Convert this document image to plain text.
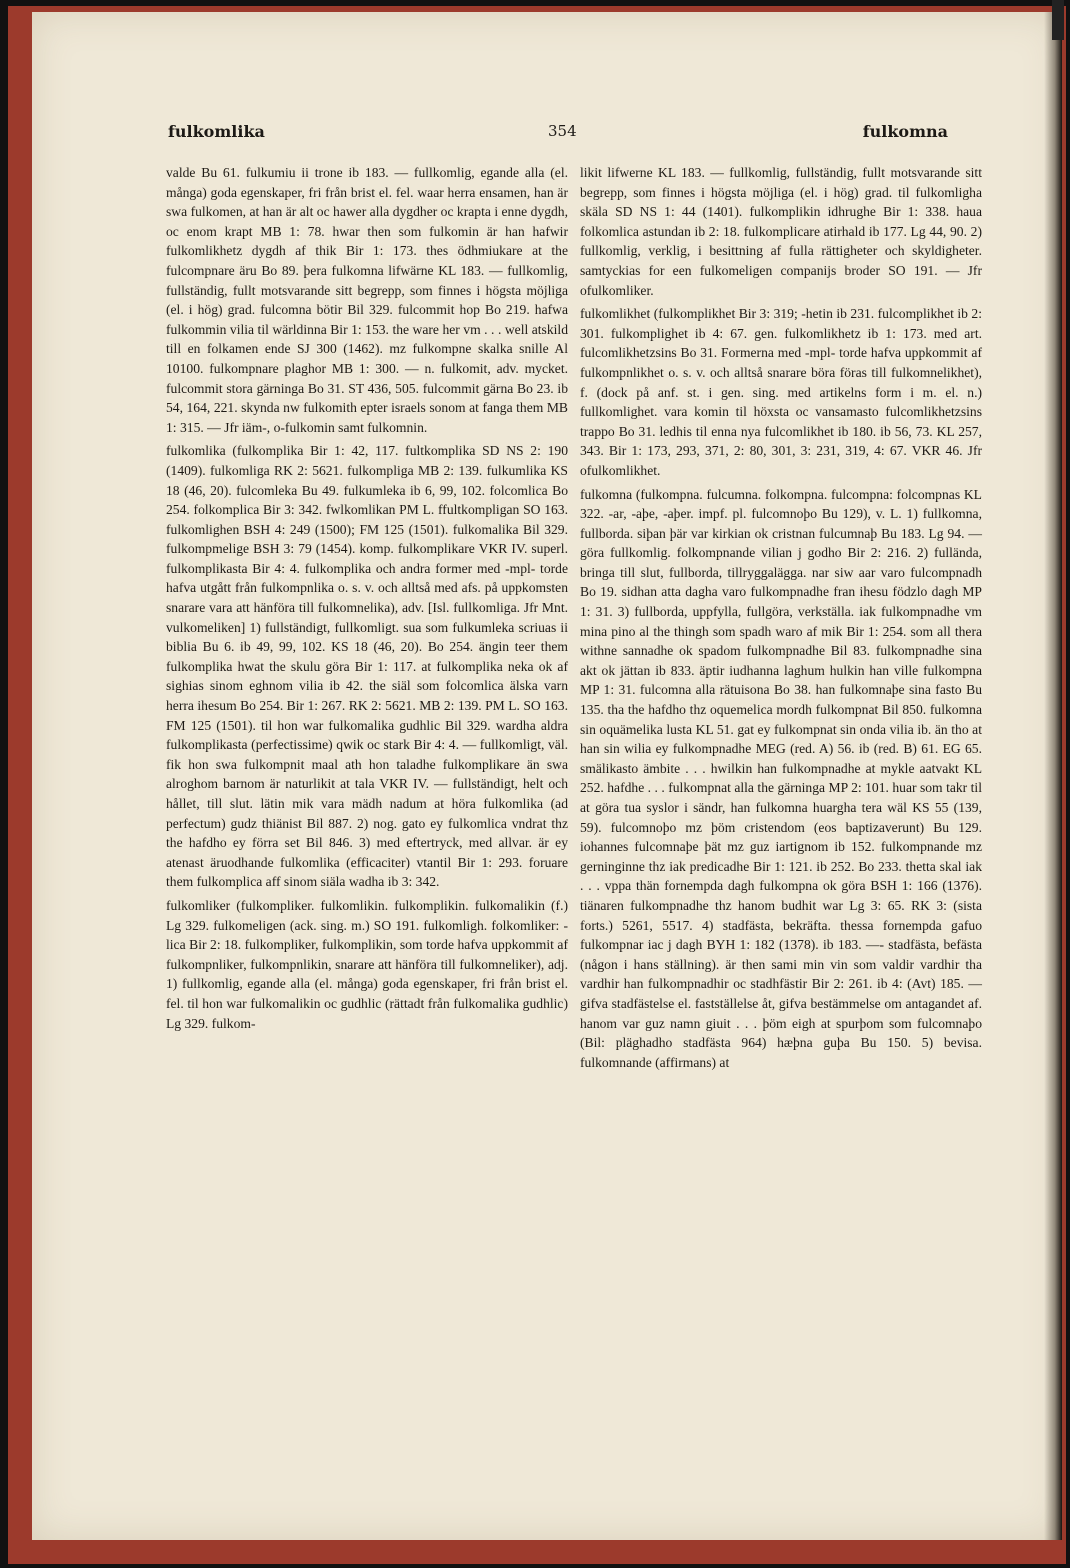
fulkomlika	354	fulkomna

valde Bu 61. fulkumiu ii trone ib 183. — fullkomlig, egande alla (el. många) goda egenskaper, fri från brist el. fel. waar herra ensamen, han är swa fulkomen, at han är alt oc hawer alla dygdher oc krapta i enne dygdh, oc enom krapt MB 1: 78. hwar then som fulkomin är han hafwir fulkomlikhetz dygdh af thik Bir 1: 173. thes ödhmiukare at the fulcompnare äru Bo 89. þera fulkomna lifwärne KL 183. — fullkomlig, fullständig, fullt motsvarande sitt begrepp, som finnes i högsta möjliga (el. i hög) grad. fulcomna bötir Bil 329. fulcommit hop Bo 219. hafwa fulkommin vilia til wärldinna Bir 1: 153. the ware her vm . . . well atskild till en folkamen ende SJ 300 (1462). mz fulkompne skalka snille Al 10100. fulkompnare plaghor MB 1: 300. — n. fulkomit, adv. mycket. fulcommit stora gärninga Bo 31. ST 436, 505. fulcommit gärna Bo 23. ib 54, 164, 221. skynda nw fulkomith epter israels sonom at fanga them MB 1: 315. — Jfr iäm-, o-fulkomin samt fulkomnin.

fulkomlika (fulkomplika Bir 1: 42, 117. fultkomplika SD NS 2: 190 (1409). fulkomliga RK 2: 5621. fulkompliga MB 2: 139. fulkumlika KS 18 (46, 20). fulcomleka Bu 49. fulkumleka ib 6, 99, 102. folcomlica Bo 254. folkomplica Bir 3: 342. fwlkomlikan PM L. ffultkompligan SO 163. fulkomlighen BSH 4: 249 (1500); FM 125 (1501). fulkomalika Bil 329. fulkompmelige BSH 3: 79 (1454). komp. fulkomplikare VKR IV. superl. fulkomplikasta Bir 4: 4. fulkomplika och andra former med -mpl- torde hafva utgått från fulkompnlika o. s. v. och alltså med afs. på uppkomsten snarare vara att hänföra till fulkomnelika), adv. [Isl. fullkomliga. Jfr Mnt. vulkomeliken] 1) fullständigt, fullkomligt. sua som fulkumleka scriuas ii biblia Bu 6. ib 49, 99, 102. KS 18 (46, 20). Bo 254. ängin teer them fulkomplika hwat the skulu göra Bir 1: 117. at fulkomplika neka ok af sighias sinom eghnom vilia ib 42. the siäl som folcomlica älska varn herra ihesum Bo 254. Bir 1: 267. RK 2: 5621. MB 2: 139. PM L. SO 163. FM 125 (1501). til hon war fulkomalika gudhlic Bil 329. wardha aldra fulkomplikasta (perfectissime) qwik oc stark Bir 4: 4. — fullkomligt, väl. fik hon swa fulkompnit maal ath hon taladhe fulkomplikare än swa alroghom barnom är naturlikit at tala VKR IV. — fullständigt, helt och hållet, till slut. lätin mik vara mädh nadum at höra fulkomlika (ad perfectum) gudz thiänist Bil 887. 2) nog. gato ey fulkomlica vndrat thz the hafdho ey förra set Bil 846. 3) med eftertryck, med allvar. är ey atenast äruodhande fulkomlika (efficaciter) vtantil Bir 1: 293. foruare them fulkomplica aff sinom siäla wadha ib 3: 342.

fulkomliker (fulkompliker. fulkomlikin. fulkomplikin. fulkomalikin (f.) Lg 329. fulkomeligen (ack. sing. m.) SO 191. fulkomligh. folkomliker: -lica Bir 2: 18. fulkompliker, fulkomplikin, som torde hafva uppkommit af fulkompnliker, fulkompnlikin, snarare att hänföra till fulkomneliker), adj. 1) fullkomlig, egande alla (el. många) goda egenskaper, fri från brist el. fel. til hon war fulkomalikin oc gudhlic (rättadt från fulkomalika gudhlic) Lg 329. fulkom-

likit lifwerne KL 183. — fullkomlig, fullständig, fullt motsvarande sitt begrepp, som finnes i högsta möjliga (el. i hög) grad. til fulkomligha skäla SD NS 1: 44 (1401). fulkomplikin idhrughe Bir 1: 338. haua folkomlica astundan ib 2: 18. fulkomplicare atirhald ib 177. Lg 44, 90. 2) fullkomlig, verklig, i besittning af fulla rättigheter och skyldigheter. samtyckias for een fulkomeligen companijs broder SO 191. — Jfr ofulkomliker.

fulkomlikhet (fulkomplikhet Bir 3: 319; -hetin ib 231. fulcomplikhet ib 2: 301. fulkomplighet ib 4: 67. gen. fulkomlikhetz ib 1: 173. med art. fulcomlikhetzsins Bo 31. Formerna med -mpl- torde hafva uppkommit af fulkompnlikhet o. s. v. och alltså snarare böra föras till fulkomnelikhet), f. (dock på anf. st. i gen. sing. med artikelns form i m. el. n.) fullkomlighet. vara komin til höxsta oc vansamasto fulcomlikhetzsins trappo Bo 31. ledhis til enna nya fulcomlikhet ib 180. ib 56, 73. KL 257, 343. Bir 1: 173, 293, 371, 2: 80, 301, 3: 231, 319, 4: 67. VKR 46. Jfr ofulkomlikhet.

fulkomna (fulkompna. fulcumna. folkompna. fulcompna: folcompnas KL 322. -ar, -aþe, -aþer. impf. pl. fulcomnoþo Bu 129), v. L. 1) fullkomna, fullborda. siþan þär var kirkian ok cristnan fulcumnaþ Bu 183. Lg 94. — göra fullkomlig. folkompnande vilian j godho Bir 2: 216. 2) fullända, bringa till slut, fullborda, tillryggalägga. nar siw aar varo fulcompnadh Bo 19. sidhan atta dagha varo fulkompnadhe fran ihesu födzlo dagh MP 1: 31. 3) fullborda, uppfylla, fullgöra, verkställa. iak fulkompnadhe vm mina pino al the thingh som spadh waro af mik Bir 1: 254. som all thera withne sannadhe ok spadom fulkompnadhe Bil 83. fulkompnadhe sina akt ok jättan ib 833. äptir iudhanna laghum hulkin han ville fulkompna MP 1: 31. fulcomna alla rätuisona Bo 38. han fulkomnaþe sina fasto Bu 135. tha the hafdho thz oquemelica mordh fulkompnat Bil 850. fulkomna sin oquämelika lusta KL 51. gat ey fulkompnat sin onda vilia ib. än tho at han sin wilia ey fulkompnadhe MEG (red. A) 56. ib (red. B) 61. EG 65. smälikasto ämbite . . . hwilkin han fulkompnadhe at mykle aatvakt KL 252. hafdhe . . . fulkompnat alla the gärninga MP 2: 101. huar som takr til at göra tua syslor i sändr, han fulkomna huargha tera wäl KS 55 (139, 59). fulcomnoþo mz þöm cristendom (eos baptizaverunt) Bu 129. iohannes fulcomnaþe þät mz guz iartignom ib 152. fulkompnande mz gerninginne thz iak predicadhe Bir 1: 121. ib 252. Bo 233. thetta skal iak . . . vppa thän fornempda dagh fulkompna ok göra BSH 1: 166 (1376). tiänaren fulkompnadhe thz hanom budhit war Lg 3: 65. RK 3: (sista forts.) 5261, 5517. 4) stadfästa, bekräfta. thessa fornempda gafuo fulkompnar iac j dagh BYH 1: 182 (1378). ib 183. —- stadfästa, befästa (någon i hans ställning). är then sami min vin som valdir vardhir tha vardhir han fulkompnadhir oc stadhfästir Bir 2: 261. ib 4: (Avt) 185. — gifva stadfästelse el. fastställelse åt, gifva bestämmelse om antagandet af. hanom var guz namn giuit . . . þöm eigh at spurþom som fulcomnaþo (Bil: pläghadho stadfästa 964) hæþna guþa Bu 150. 5) bevisa. fulkomnande (affirmans) at
